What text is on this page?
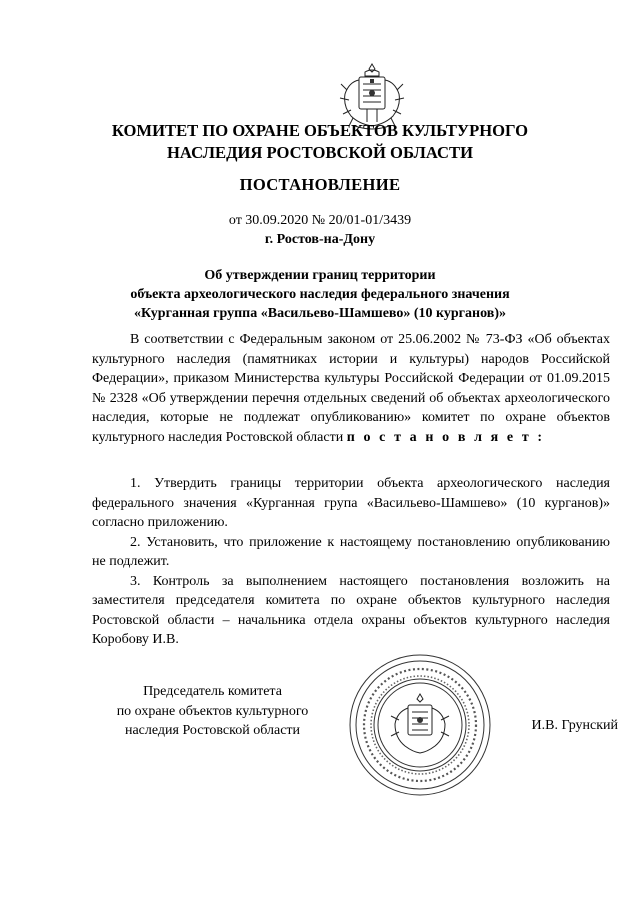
КОМИТЕТ ПО ОХРАНЕ ОБЪЕКТОВ КУЛЬТУРНОГО
НАСЛЕДИЯ РОСТОВСКОЙ ОБЛАСТИ
ПОСТАНОВЛЕНИЕ
от 30.09.2020 № 20/01-01/3439
г. Ростов-на-Дону
Об утверждении границ территории
объекта археологического наследия федерального значения
«Курганная группа «Васильево-Шамшево» (10 курганов)»

В соответствии с Федеральным законом от 25.06.2002 № 73-ФЗ «Об объектах культурного наследия (памятниках истории и культуры) народов Российской Федерации», приказом Министерства культуры Российской Федерации от 01.09.2015 № 2328 «Об утверждении перечня отдельных сведений об объектах археологического наследия, которые не подлежат опубликованию» комитет по охране объектов культурного наследия Ростовской области п о с т а н о в л я е т :

1. Утвердить границы территории объекта археологического наследия федерального значения «Курганная група «Васильево-Шамшево» (10 курганов)» согласно приложению.

2. Установить, что приложение к настоящему постановлению опубликованию не подлежит.

3. Контроль за выполнением настоящего постановления возложить на заместителя председателя комитета по охране объектов культурного наследия Ростовской области – начальника отдела охраны объектов культурного наследия Коробову И.В.

Председатель комитета
по охране объектов культурного
наследия Ростовской области	И.В. Грунский
